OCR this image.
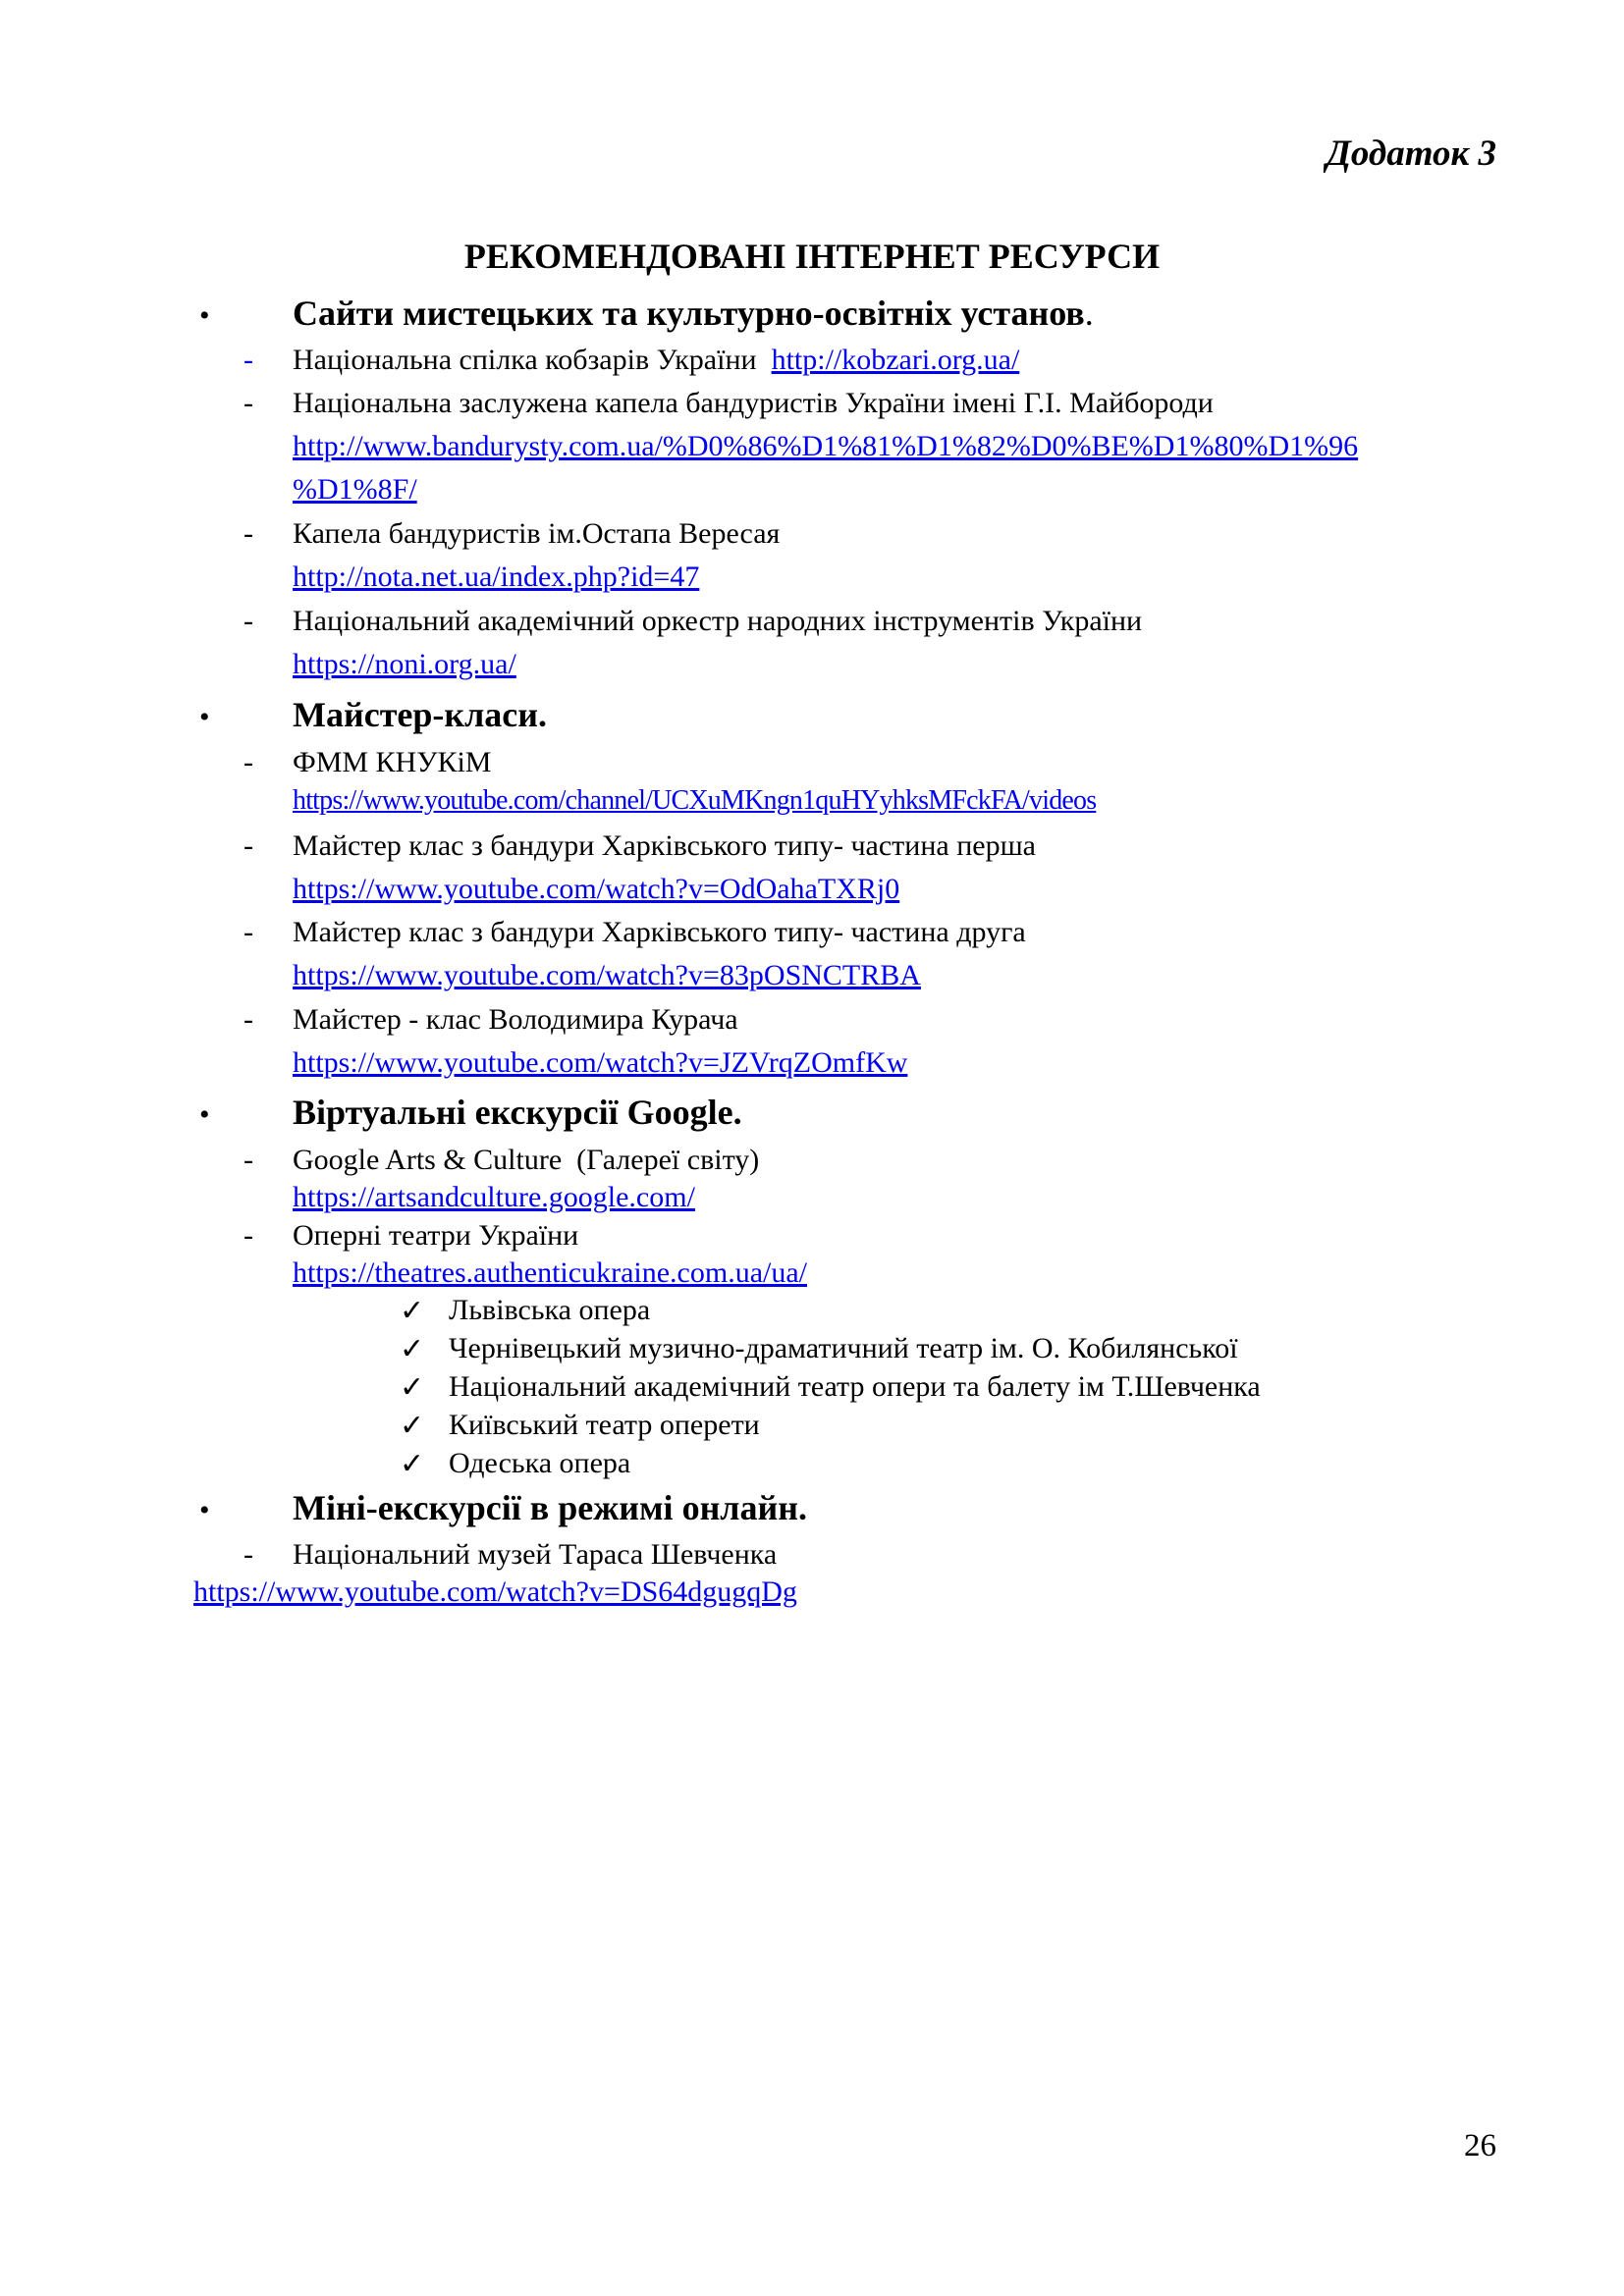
Додаток 3
РЕКОМЕНДОВАНІ ІНТЕРНЕТ РЕСУРСИ
• Сайти мистецьких та культурно-освітніх установ.
- Національна спілка кобзарів України http://kobzari.org.ua/
- Національна заслужена капела бандуристів України імені Г.І. Майбороди
http://www.bandurysty.com.ua/%D0%86%D1%81%D1%82%D0%BE%D1%80%D1%96
%D1%8F/
- Капела бандуристів ім.Остапа Вересая
http://nota.net.ua/index.php?id=47
- Національний академічний оркестр народних інструментів України
https://noni.org.ua/
• Майстер-класи.
- ФММ КНУКіМ
https://www.youtube.com/channel/UCXuMKngn1quHYyhksMFckFA/videos
- Майстер клас з бандури Харківського типу- частина перша
https://www.youtube.com/watch?v=OdOahaTXRj0
- Майстер клас з бандури Харківського типу- частина друга
https://www.youtube.com/watch?v=83pOSNCTRBA
- Майстер - клас Володимира Курача
https://www.youtube.com/watch?v=JZVrqZOmfKw
• Віртуальні екскурсії Google.
- Google Arts & Culture  (Галереї світу)
https://artsandculture.google.com/
- Оперні театри України
https://theatres.authenticukraine.com.ua/ua/
✓ Львівська опера
✓ Чернівецький музично-драматичний театр ім. О. Кобилянської
✓ Національний академічний театр опери та балету ім Т.Шевченка
✓ Київський театр оперети
✓ Одеська опера
• Міні-екскурсії в режимі онлайн.
- Національний музей Тараса Шевченка
https://www.youtube.com/watch?v=DS64dgugqDg
26
